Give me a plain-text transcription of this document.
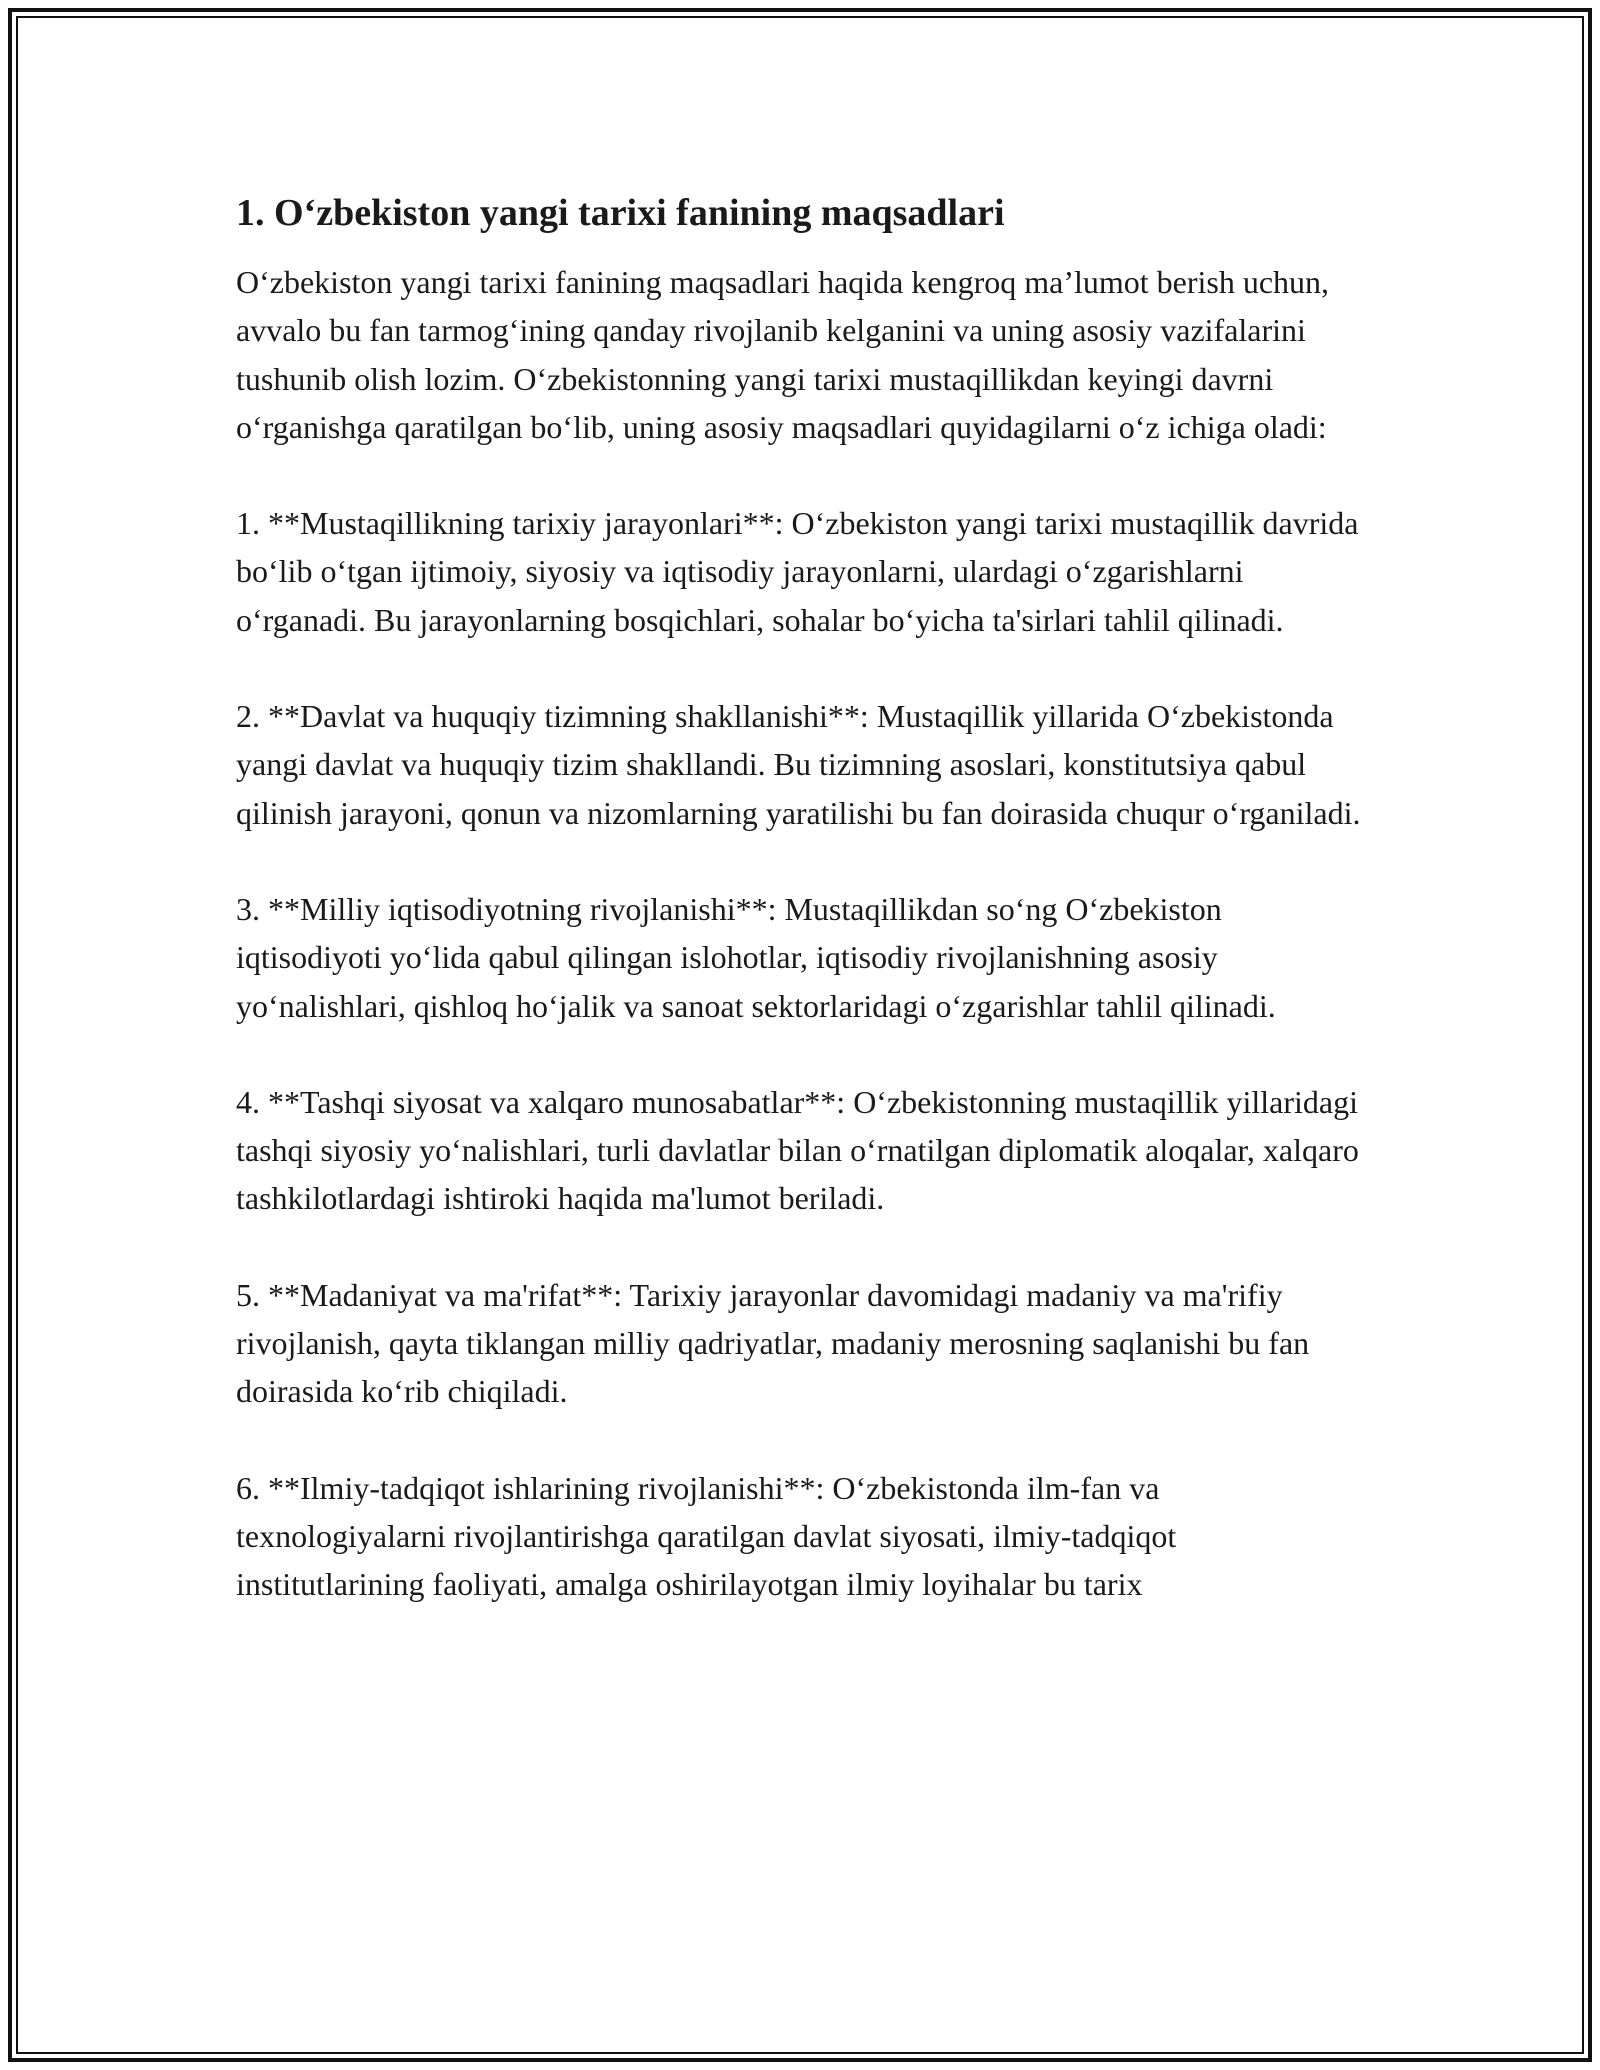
1. O‘zbekiston yangi tarixi fanining maqsadlari

O‘zbekiston yangi tarixi fanining maqsadlari haqida kengroq ma’lumot berish uchun, avvalo bu fan tarmog‘ining qanday rivojlanib kelganini va uning asosiy vazifalarini tushunib olish lozim. O‘zbekistonning yangi tarixi mustaqillikdan keyingi davrni o‘rganishga qaratilgan bo‘lib, uning asosiy maqsadlari quyidagilarni o‘z ichiga oladi:

1. **Mustaqillikning tarixiy jarayonlari**: O‘zbekiston yangi tarixi mustaqillik davrida bo‘lib o‘tgan ijtimoiy, siyosiy va iqtisodiy jarayonlarni, ulardagi o‘zgarishlarni o‘rganadi. Bu jarayonlarning bosqichlari, sohalar bo‘yicha ta'sirlari tahlil qilinadi.

2. **Davlat va huquqiy tizimning shakllanishi**: Mustaqillik yillarida O‘zbekistonda yangi davlat va huquqiy tizim shakllandi. Bu tizimning asoslari, konstitutsiya qabul qilinish jarayoni, qonun va nizomlarning yaratilishi bu fan doirasida chuqur o‘rganiladi.

3. **Milliy iqtisodiyotning rivojlanishi**: Mustaqillikdan so‘ng O‘zbekiston iqtisodiyoti yo‘lida qabul qilingan islohotlar, iqtisodiy rivojlanishning asosiy yo‘nalishlari, qishloq ho‘jalik va sanoat sektorlaridagi o‘zgarishlar tahlil qilinadi.

4. **Tashqi siyosat va xalqaro munosabatlar**: O‘zbekistonning mustaqillik yillaridagi tashqi siyosiy yo‘nalishlari, turli davlatlar bilan o‘rnatilgan diplomatik aloqalar, xalqaro tashkilotlardagi ishtiroki haqida ma'lumot beriladi.

5. **Madaniyat va ma'rifat**: Tarixiy jarayonlar davomidagi madaniy va ma'rifiy rivojlanish, qayta tiklangan milliy qadriyatlar, madaniy merosning saqlanishi bu fan doirasida ko‘rib chiqiladi.

6. **Ilmiy-tadqiqot ishlarining rivojlanishi**: O‘zbekistonda ilm-fan va texnologiyalarni rivojlantirishga qaratilgan davlat siyosati, ilmiy-tadqiqot institutlarining faoliyati, amalga oshirilayotgan ilmiy loyihalar bu tarix
